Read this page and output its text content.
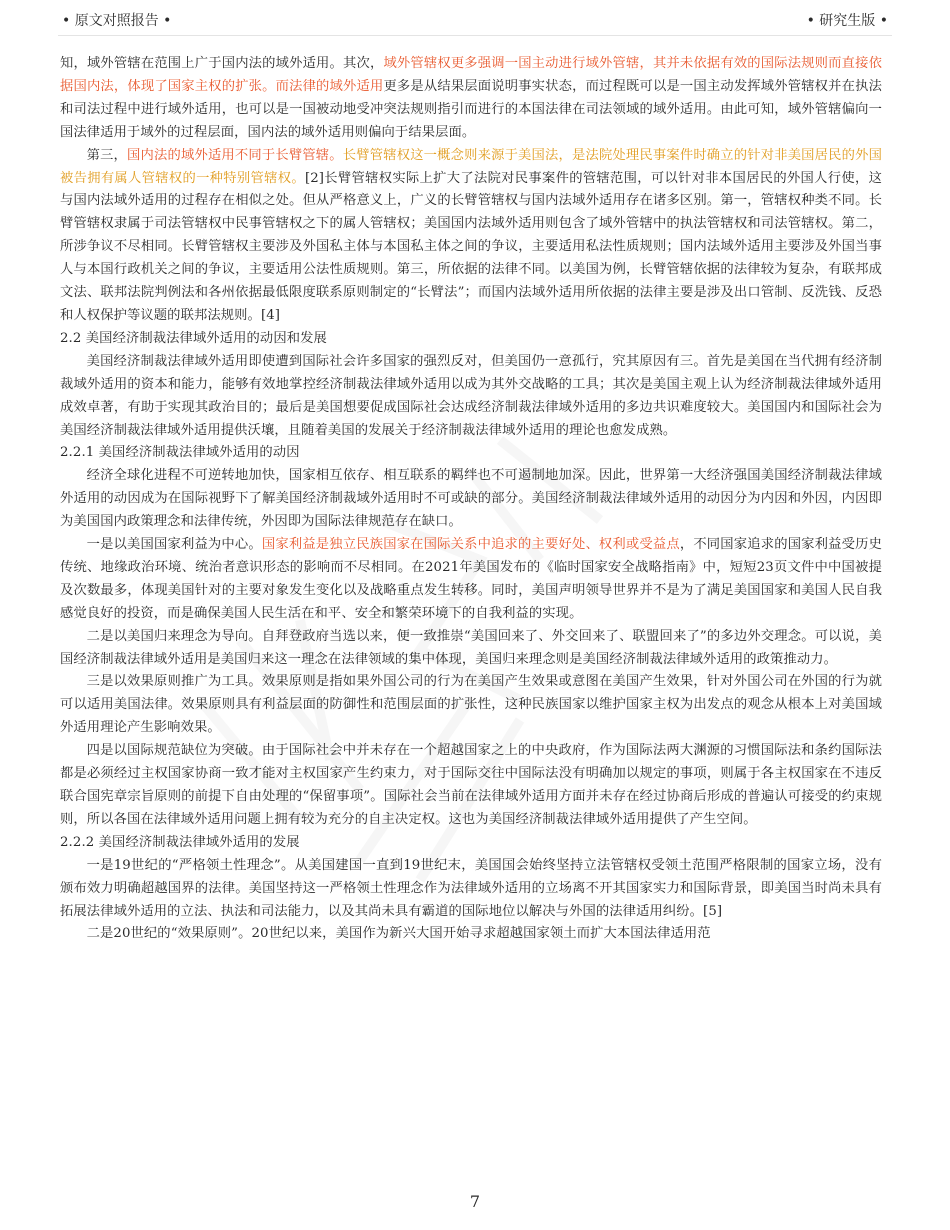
• 原文对照报告 •	• 研究生版 •

知，域外管辖在范围上广于国内法的域外适用。其次，域外管辖权更多强调一国主动进行域外管辖，其并未依据有效的国际法规则而直接依据国内法，体现了国家主权的扩张。而法律的域外适用更多是从结果层面说明事实状态，而过程既可以是一国主动发挥域外管辖权并在执法和司法过程中进行域外适用，也可以是一国被动地受冲突法规则指引而进行的本国法律在司法领域的域外适用。由此可知，域外管辖偏向一国法律适用于域外的过程层面，国内法的域外适用则偏向于结果层面。

第三，国内法的域外适用不同于长臂管辖。长臂管辖权这一概念则来源于美国法，是法院处理民事案件时确立的针对非美国居民的外国被告拥有属人管辖权的一种特别管辖权。[2]长臂管辖权实际上扩大了法院对民事案件的管辖范围，可以针对非本国居民的外国人行使，这与国内法域外适用的过程存在相似之处。但从严格意义上，广义的长臂管辖权与国内法域外适用存在诸多区别。第一，管辖权种类不同。长臂管辖权隶属于司法管辖权中民事管辖权之下的属人管辖权；美国国内法域外适用则包含了域外管辖中的执法管辖权和司法管辖权。第二，所涉争议不尽相同。长臂管辖权主要涉及外国私主体与本国私主体之间的争议，主要适用私法性质规则；国内法域外适用主要涉及外国当事人与本国行政机关之间的争议，主要适用公法性质规则。第三，所依据的法律不同。以美国为例，长臂管辖依据的法律较为复杂，有联邦成文法、联邦法院判例法和各州依据最低限度联系原则制定的“长臂法”；而国内法域外适用所依据的法律主要是涉及出口管制、反洗钱、反恐和人权保护等议题的联邦法规则。[4]

2.2 美国经济制裁法律域外适用的动因和发展

美国经济制裁法律域外适用即使遭到国际社会许多国家的强烈反对，但美国仍一意孤行，究其原因有三。首先是美国在当代拥有经济制裁域外适用的资本和能力，能够有效地掌控经济制裁法律域外适用以成为其外交战略的工具；其次是美国主观上认为经济制裁法律域外适用成效卓著，有助于实现其政治目的；最后是美国想要促成国际社会达成经济制裁法律域外适用的多边共识难度较大。美国国内和国际社会为美国经济制裁法律域外适用提供沃壤，且随着美国的发展关于经济制裁法律域外适用的理论也愈发成熟。

2.2.1 美国经济制裁法律域外适用的动因

经济全球化进程不可逆转地加快，国家相互依存、相互联系的羁绊也不可遏制地加深。因此，世界第一大经济强国美国经济制裁法律域外适用的动因成为在国际视野下了解美国经济制裁域外适用时不可或缺的部分。美国经济制裁法律域外适用的动因分为内因和外因，内因即为美国国内政策理念和法律传统，外因即为国际法律规范存在缺口。

一是以美国国家利益为中心。国家利益是独立民族国家在国际关系中追求的主要好处、权利或受益点，不同国家追求的国家利益受历史传统、地缘政治环境、统治者意识形态的影响而不尽相同。在2021年美国发布的《临时国家安全战略指南》中，短短23页文件中中国被提及次数最多，体现美国针对的主要对象发生变化以及战略重点发生转移。同时，美国声明领导世界并不是为了满足美国国家和美国人民自我感觉良好的投资，而是确保美国人民生活在和平、安全和繁荣环境下的自我利益的实现。

二是以美国归来理念为导向。自拜登政府当选以来，便一致推崇“美国回来了、外交回来了、联盟回来了”的多边外交理念。可以说，美国经济制裁法律域外适用是美国归来这一理念在法律领域的集中体现，美国归来理念则是美国经济制裁法律域外适用的政策推动力。

三是以效果原则推广为工具。效果原则是指如果外国公司的行为在美国产生效果或意图在美国产生效果，针对外国公司在外国的行为就可以适用美国法律。效果原则具有利益层面的防御性和范围层面的扩张性，这种民族国家以维护国家主权为出发点的观念从根本上对美国域外适用理论产生影响效果。

四是以国际规范缺位为突破。由于国际社会中并未存在一个超越国家之上的中央政府，作为国际法两大渊源的习惯国际法和条约国际法都是必须经过主权国家协商一致才能对主权国家产生约束力，对于国际交往中国际法没有明确加以规定的事项，则属于各主权国家在不违反联合国宪章宗旨原则的前提下自由处理的“保留事项”。国际社会当前在法律域外适用方面并未存在经过协商后形成的普遍认可接受的约束规则，所以各国在法律域外适用问题上拥有较为充分的自主决定权。这也为美国经济制裁法律域外适用提供了产生空间。

2.2.2 美国经济制裁法律域外适用的发展

一是19世纪的“严格领土性理念”。从美国建国一直到19世纪末，美国国会始终坚持立法管辖权受领土范围严格限制的国家立场，没有颁布效力明确超越国界的法律。美国坚持这一严格领土性理念作为法律域外适用的立场离不开其国家实力和国际背景，即美国当时尚未具有拓展法律域外适用的立法、执法和司法能力，以及其尚未具有霸道的国际地位以解决与外国的法律适用纠纷。[5]

二是20世纪的“效果原则”。20世纪以来，美国作为新兴大国开始寻求超越国家领土而扩大本国法律适用范

7
